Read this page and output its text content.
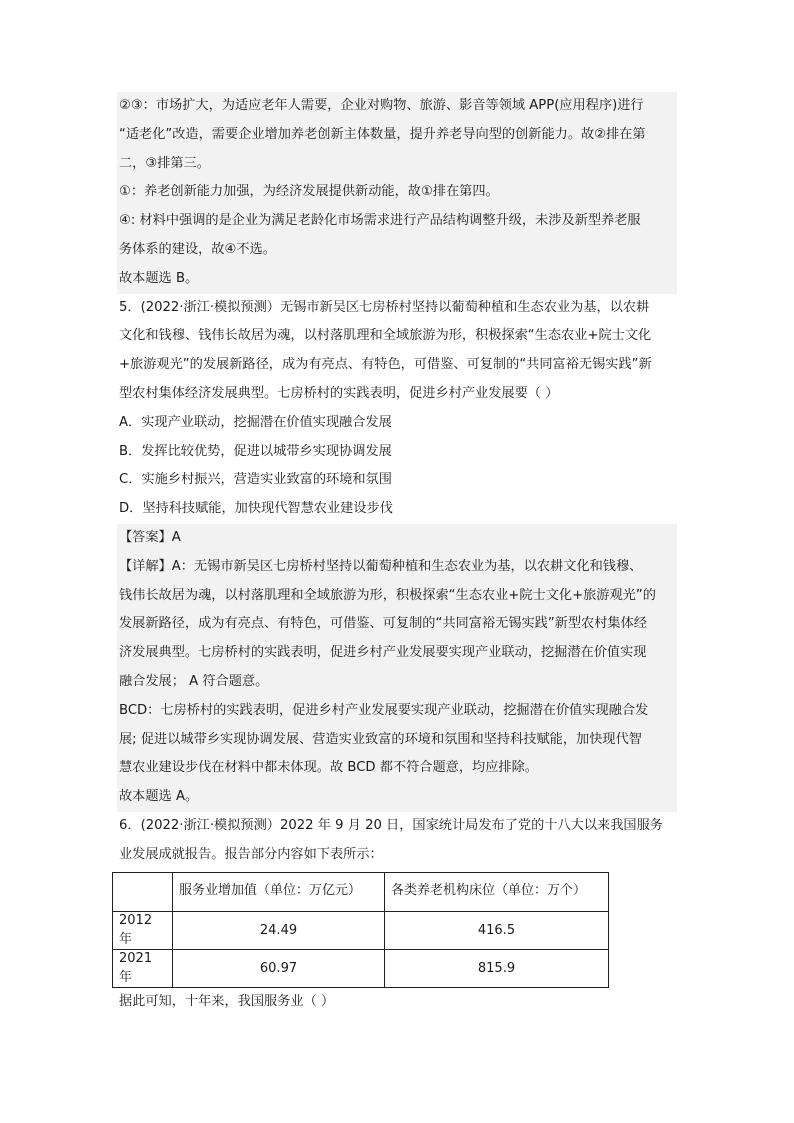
②③：市场扩大，为适应老年人需要，企业对购物、旅游、影音等领域 APP(应用程序)进行
“适老化”改造，需要企业增加养老创新主体数量，提升养老导向型的创新能力。故②排在第
二，③排第三。
①：养老创新能力加强，为经济发展提供新动能，故①排在第四。
④: 材料中强调的是企业为满足老龄化市场需求进行产品结构调整升级，未涉及新型养老服
务体系的建设，故④不选。
故本题选 B。
5．(2022·浙江·模拟预测）无锡市新吴区七房桥村坚持以葡萄种植和生态农业为基，以农耕
文化和钱穆、钱伟长故居为魂，以村落肌理和全域旅游为形，积极探索“生态农业+院士文化
+旅游观光”的发展新路径，成为有亮点、有特色，可借鉴、可复制的“共同富裕无锡实践”新
型农村集体经济发展典型。七房桥村的实践表明，促进乡村产业发展要（ ）
A．实现产业联动，挖掘潜在价值实现融合发展
B．发挥比较优势，促进以城带乡实现协调发展
C．实施乡村振兴，营造实业致富的环境和氛围
D．坚持科技赋能，加快现代智慧农业建设步伐
【答案】A
【详解】A：无锡市新吴区七房桥村坚持以葡萄种植和生态农业为基，以农耕文化和钱穆、
钱伟长故居为魂，以村落肌理和全域旅游为形，积极探索“生态农业+院士文化+旅游观光”的
发展新路径，成为有亮点、有特色，可借鉴、可复制的“共同富裕无锡实践”新型农村集体经
济发展典型。七房桥村的实践表明，促进乡村产业发展要实现产业联动，挖掘潜在价值实现
融合发展； A 符合题意。
BCD：七房桥村的实践表明，促进乡村产业发展要实现产业联动，挖掘潜在价值实现融合发
展; 促进以城带乡实现协调发展、营造实业致富的环境和氛围和坚持科技赋能，加快现代智
慧农业建设步伐在材料中都未体现。故 BCD 都不符合题意，均应排除。
故本题选 A。
6．(2022·浙江·模拟预测）2022 年 9 月 20 日，国家统计局发布了党的十八大以来我国服务
业发展成就报告。报告部分内容如下表所示：
	服务业增加值（单位：万亿元）	各类养老机构床位（单位：万个）
2012 年	24.49	416.5
2021 年	60.97	815.9
据此可知，十年来，我国服务业（ ）
